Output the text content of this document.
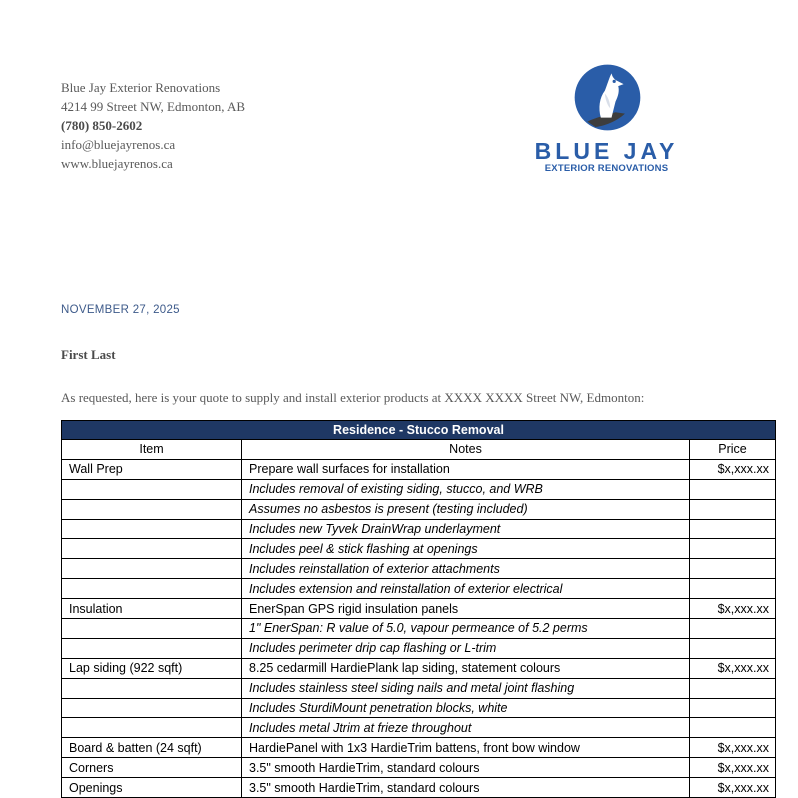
Blue Jay Exterior Renovations
4214 99 Street NW, Edmonton, AB
(780) 850-2602
info@bluejayrenos.ca
www.bluejayrenos.ca	BLUE JAY
EXTERIOR RENOVATIONS
NOVEMBER 27, 2025
First Last
As requested, here is your quote to supply and install exterior products at XXXX XXXX Street NW, Edmonton:
Residence - Stucco Removal		
Item	Notes	Price
Wall Prep	Prepare wall surfaces for installation	$x,xxx.xx
	Includes removal of existing siding, stucco, and WRB	
	Assumes no asbestos is present (testing included)	
	Includes new Tyvek DrainWrap underlayment	
	Includes peel & stick flashing at openings	
	Includes reinstallation of exterior attachments	
	Includes extension and reinstallation of exterior electrical	
Insulation	EnerSpan GPS rigid insulation panels	$x,xxx.xx
	1" EnerSpan: R value of 5.0, vapour permeance of 5.2 perms	
	Includes perimeter drip cap flashing or L-trim	
Lap siding (922 sqft)	8.25 cedarmill HardiePlank lap siding, statement colours	$x,xxx.xx
	Includes stainless steel siding nails and metal joint flashing	
	Includes SturdiMount penetration blocks, white	
	Includes metal Jtrim at frieze throughout	
Board & batten (24 sqft)	HardiePanel with 1x3 HardieTrim battens, front bow window	$x,xxx.xx
Corners	3.5" smooth HardieTrim, standard colours	$x,xxx.xx
Openings	3.5" smooth HardieTrim, standard colours	$x,xxx.xx
